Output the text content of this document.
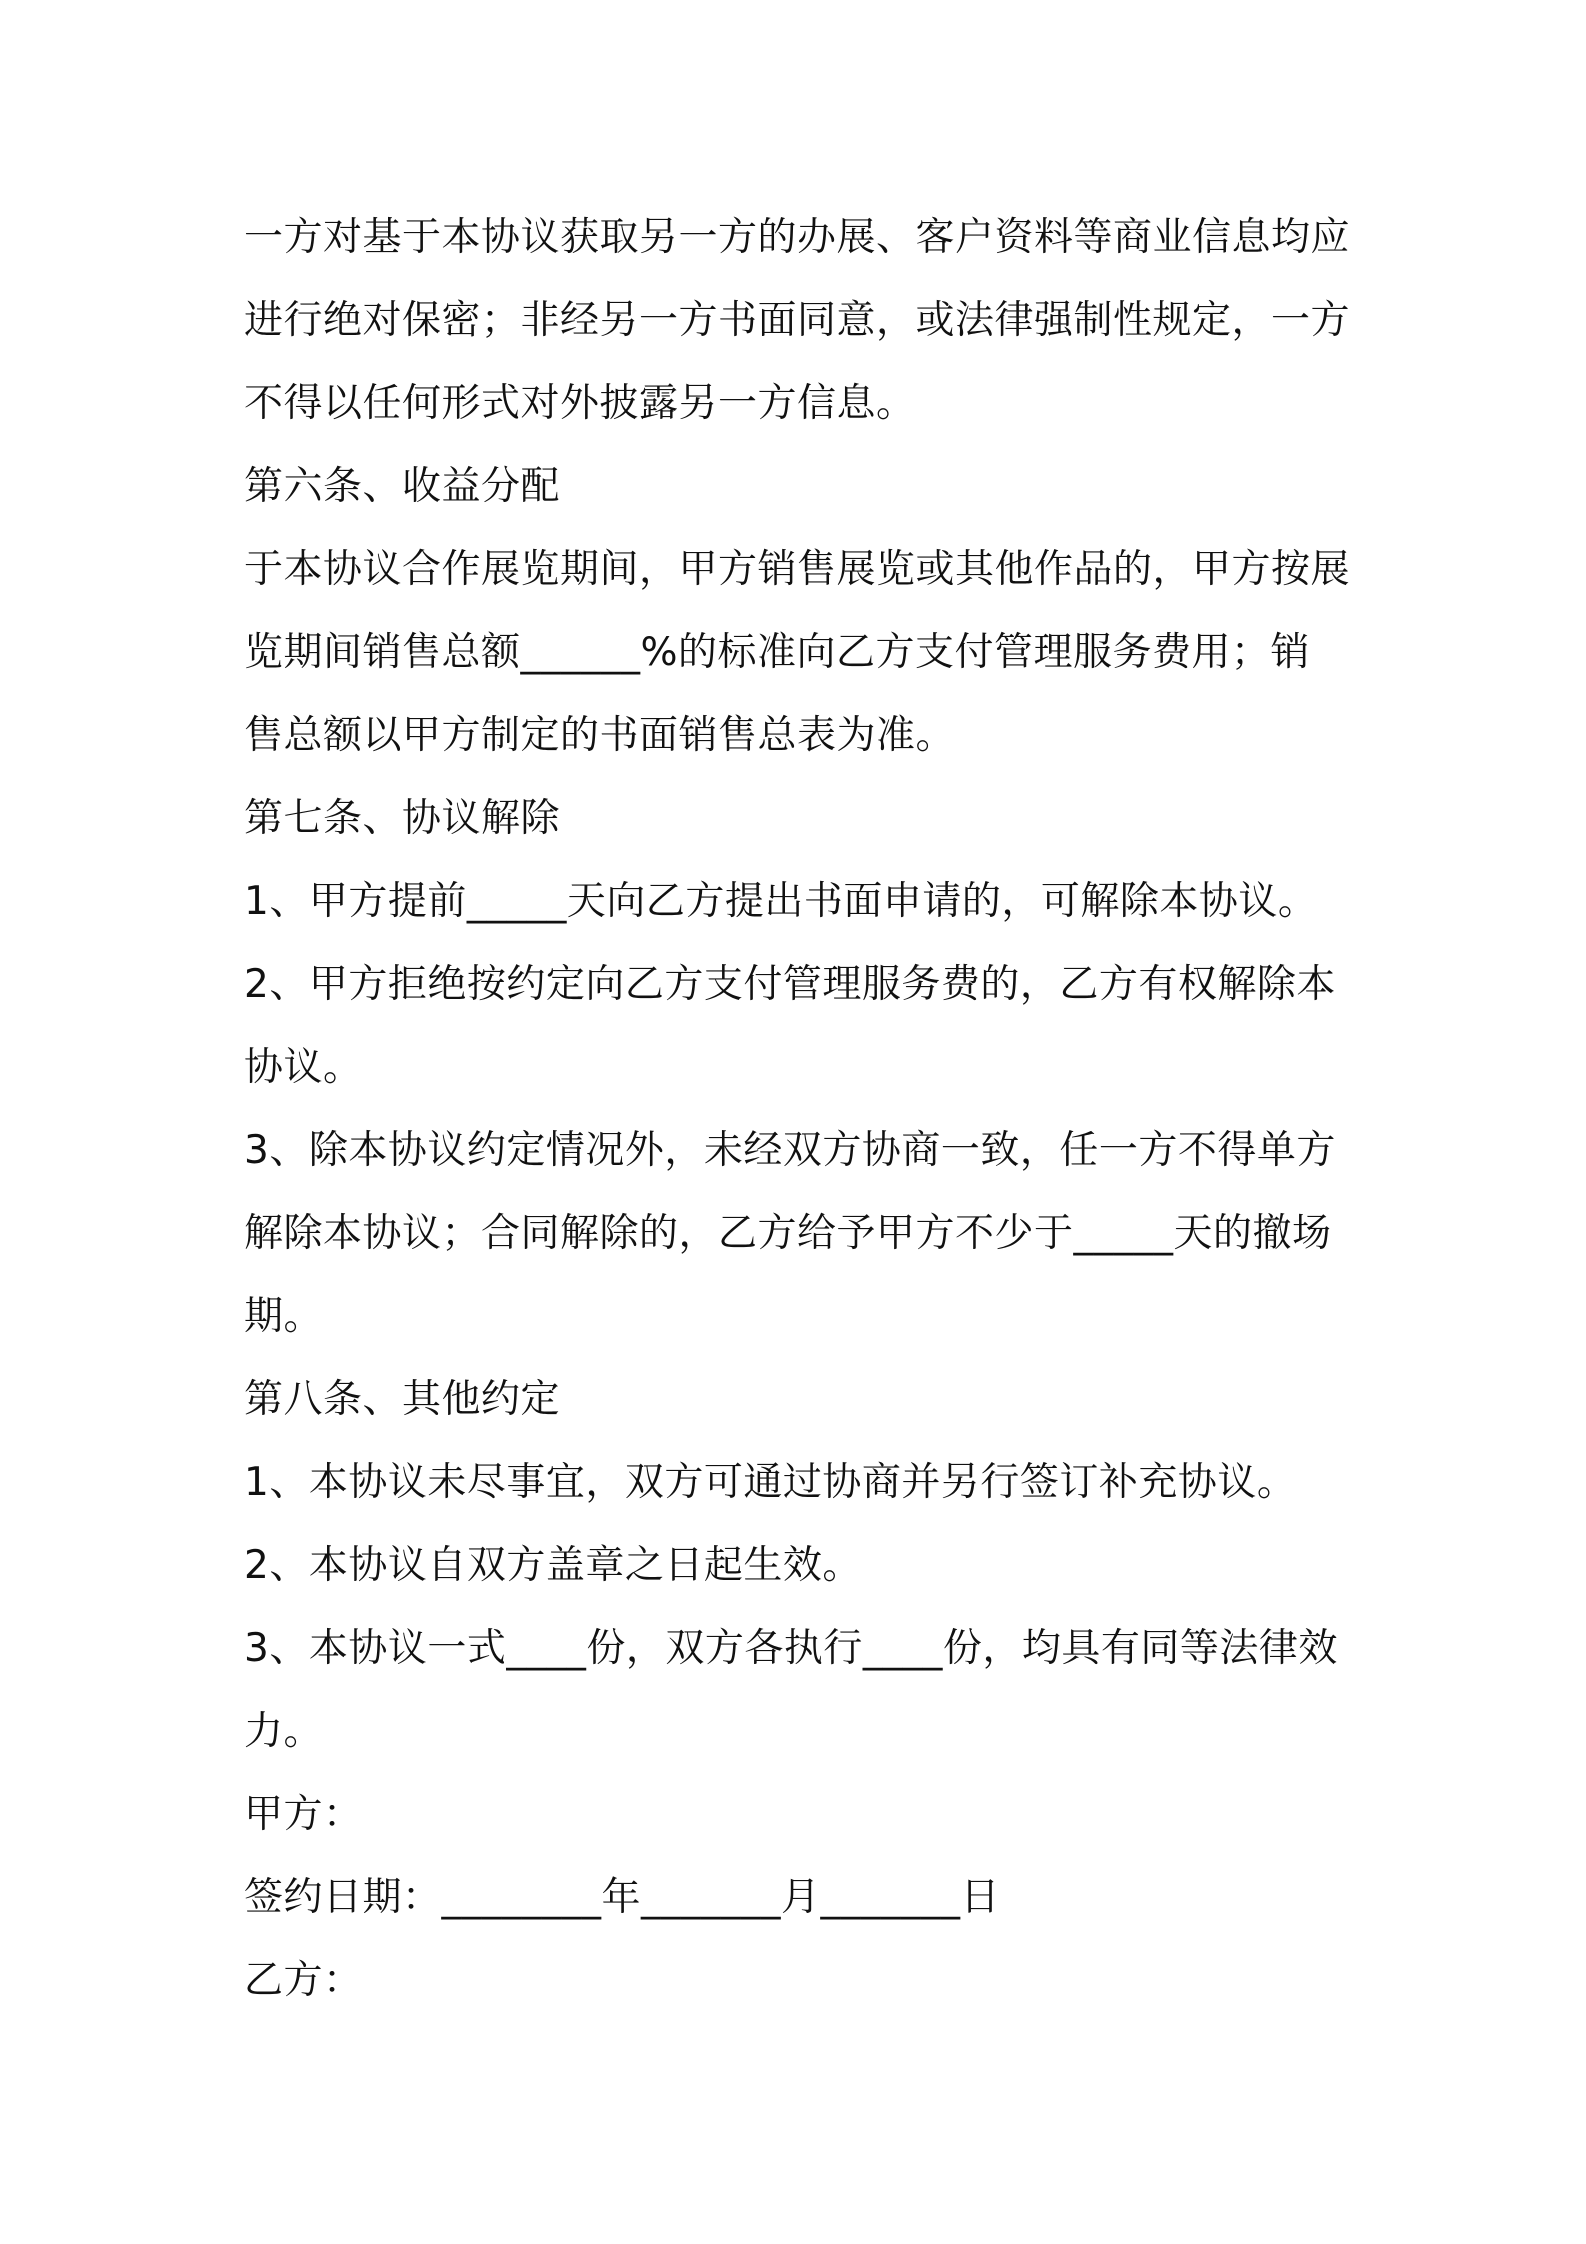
一方对基于本协议获取另一方的办展、客户资料等商业信息均应
进行绝对保密；非经另一方书面同意，或法律强制性规定，一方
不得以任何形式对外披露另一方信息。
第六条、收益分配
于本协议合作展览期间，甲方销售展览或其他作品的，甲方按展
览期间销售总额______%的标准向乙方支付管理服务费用；销
售总额以甲方制定的书面销售总表为准。
第七条、协议解除
1、甲方提前_____天向乙方提出书面申请的，可解除本协议。
2、甲方拒绝按约定向乙方支付管理服务费的，乙方有权解除本
协议。
3、除本协议约定情况外，未经双方协商一致，任一方不得单方
解除本协议；合同解除的，乙方给予甲方不少于_____天的撤场
期。
第八条、其他约定
1、本协议未尽事宜，双方可通过协商并另行签订补充协议。
2、本协议自双方盖章之日起生效。
3、本协议一式____份，双方各执行____份，均具有同等法律效
力。
甲方：
签约日期：________年_______月_______日
乙方：
